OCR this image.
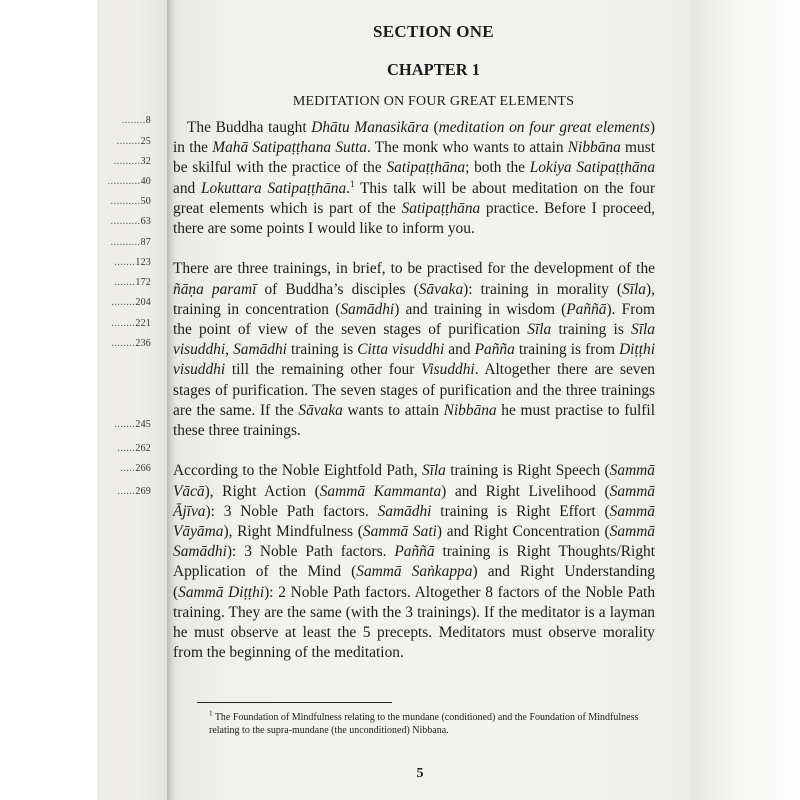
........8
........25
.........32
...........40
..........50
..........63
..........87
.......123
.......172
........204
........221
........236
.......245
......262
.....266
......269
SECTION ONE
CHAPTER 1
MEDITATION ON FOUR GREAT ELEMENTS

The Buddha taught Dhātu Manasikāra (meditation on four great elements) in the Mahā Satipaṭṭhana Sutta. The monk who wants to attain Nibbāna must be skilful with the practice of the Satipaṭṭhāna; both the Lokiya Satipaṭṭhāna and Lokuttara Satipaṭṭhāna.$^1$ This talk will be about meditation on the four great elements which is part of the Satipaṭṭhāna practice. Before I proceed, there are some points I would like to inform you.

There are three trainings, in brief, to be practised for the development of the ñāṇa paramī of Buddha’s disciples (Sāvaka): training in morality (Sīla), training in concentration (Samādhi) and training in wisdom (Paññā). From the point of view of the seven stages of purification Sīla training is Sīla visuddhi, Samādhi training is Citta visuddhi and Pañña training is from Diṭṭhi visuddhi till the remaining other four Visuddhi. Altogether there are seven stages of purification. The seven stages of purification and the three trainings are the same. If the Sāvaka wants to attain Nibbāna he must practise to fulfil these three trainings.

According to the Noble Eightfold Path, Sīla training is Right Speech (Sammā Vācā), Right Action (Sammā Kammanta) and Right Livelihood (Sammā Ājīva): 3 Noble Path factors. Samādhi training is Right Effort (Sammā Vāyāma), Right Mindfulness (Sammā Sati) and Right Concentration (Sammā Samādhi): 3 Noble Path factors. Paññā training is Right Thoughts/Right Application of the Mind (Sammā Saṅkappa) and Right Understanding (Sammā Diṭṭhi): 2 Noble Path factors. Altogether 8 factors of the Noble Path training. They are the same (with the 3 trainings). If the meditator is a layman he must observe at least the 5 precepts. Meditators must observe morality from the beginning of the meditation.

$^1$ The Foundation of Mindfulness relating to the mundane (conditioned) and the Foundation of Mindfulness relating to the supra-mundane (the unconditioned) Nibbana.
5
